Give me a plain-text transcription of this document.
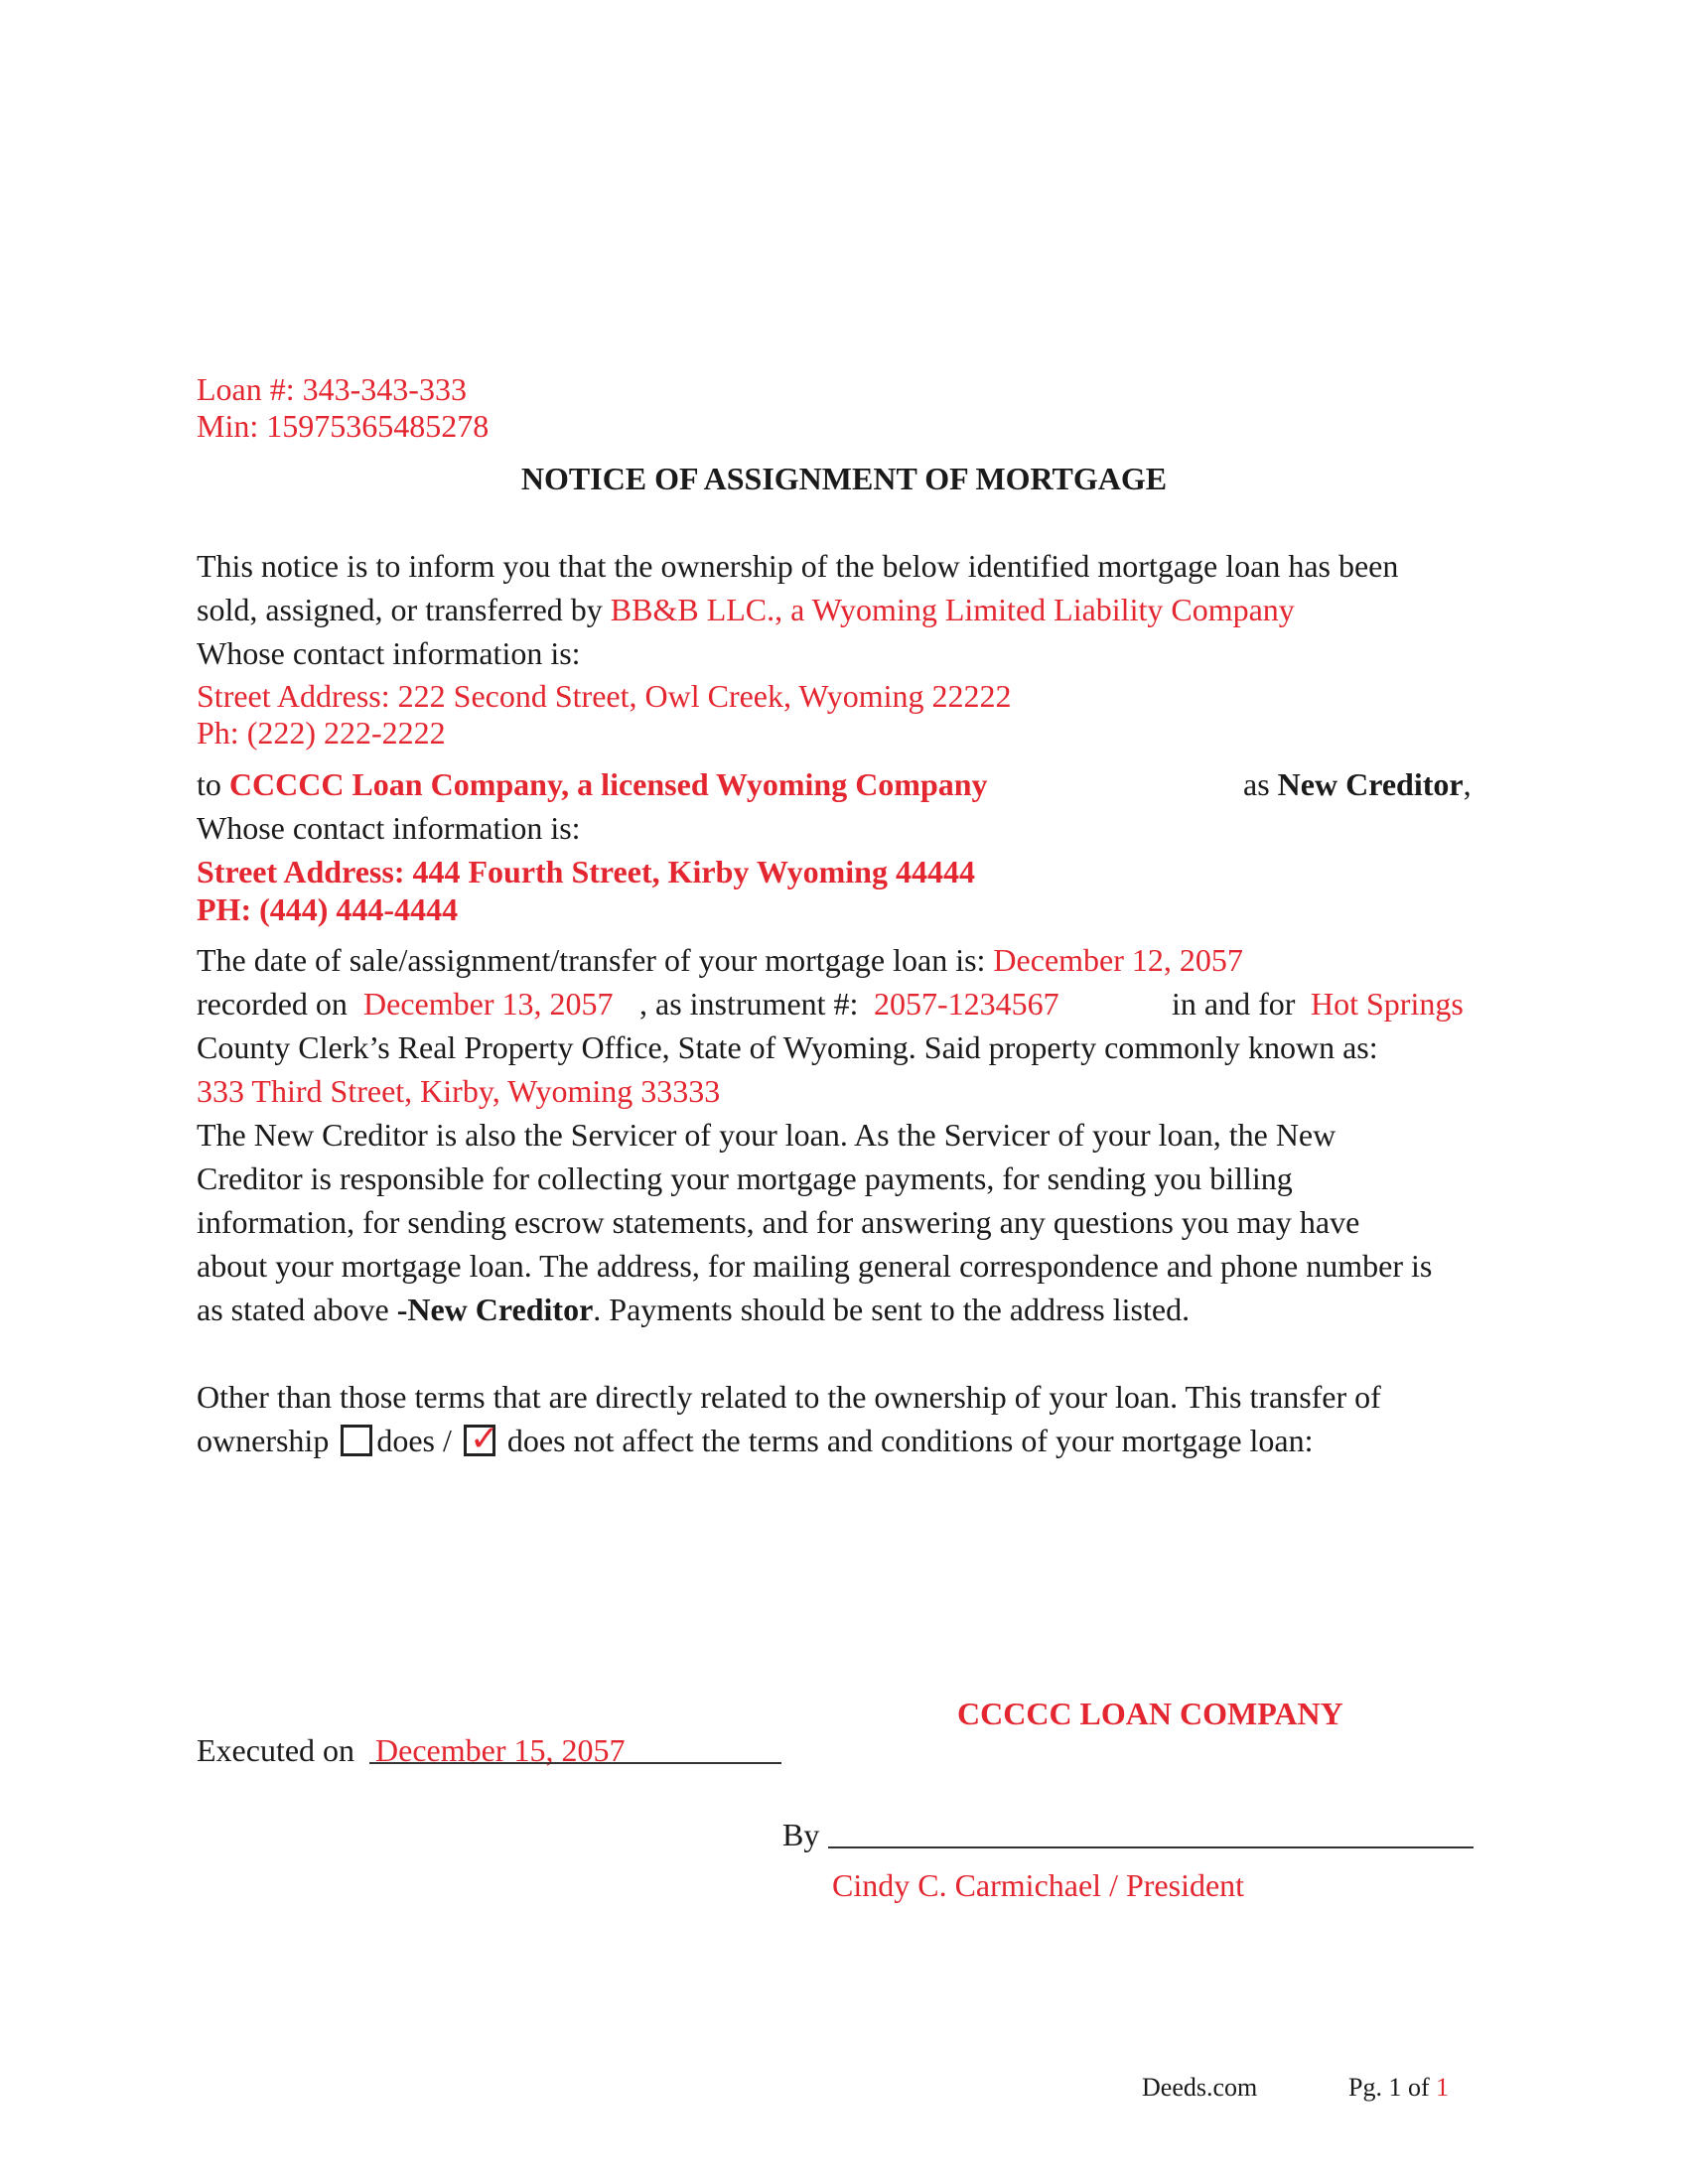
Loan #: 343-343-333
Min: 15975365485278
NOTICE OF ASSIGNMENT OF MORTGAGE
This notice is to inform you that the ownership of the below identified mortgage loan has been
sold, assigned, or transferred by BB&B LLC., a Wyoming Limited Liability Company
Whose contact information is:
Street Address: 222 Second Street, Owl Creek, Wyoming 22222
Ph: (222) 222-2222
to CCCCC Loan Company, a licensed Wyoming Company	as New Creditor,
Whose contact information is:
Street Address: 444 Fourth Street, Kirby Wyoming 44444
PH: (444) 444-4444
The date of sale/assignment/transfer of your mortgage loan is: December 12, 2057
recorded on December 13, 2057 , as instrument #: 2057-1234567	in and for Hot Springs
County Clerk’s Real Property Office, State of Wyoming. Said property commonly known as:
333 Third Street, Kirby, Wyoming 33333
The New Creditor is also the Servicer of your loan. As the Servicer of your loan, the New
Creditor is responsible for collecting your mortgage payments, for sending you billing
information, for sending escrow statements, and for answering any questions you may have
about your mortgage loan. The address, for mailing general correspondence and phone number is
as stated above -New Creditor. Payments should be sent to the address listed.
Other than those terms that are directly related to the ownership of your loan. This transfer of
ownership does / ✓ does not affect the terms and conditions of your mortgage loan:
CCCCC LOAN COMPANY
Executed on December 15, 2057
By
Cindy C. Carmichael / President
Deeds.com	Pg. 1 of 1
